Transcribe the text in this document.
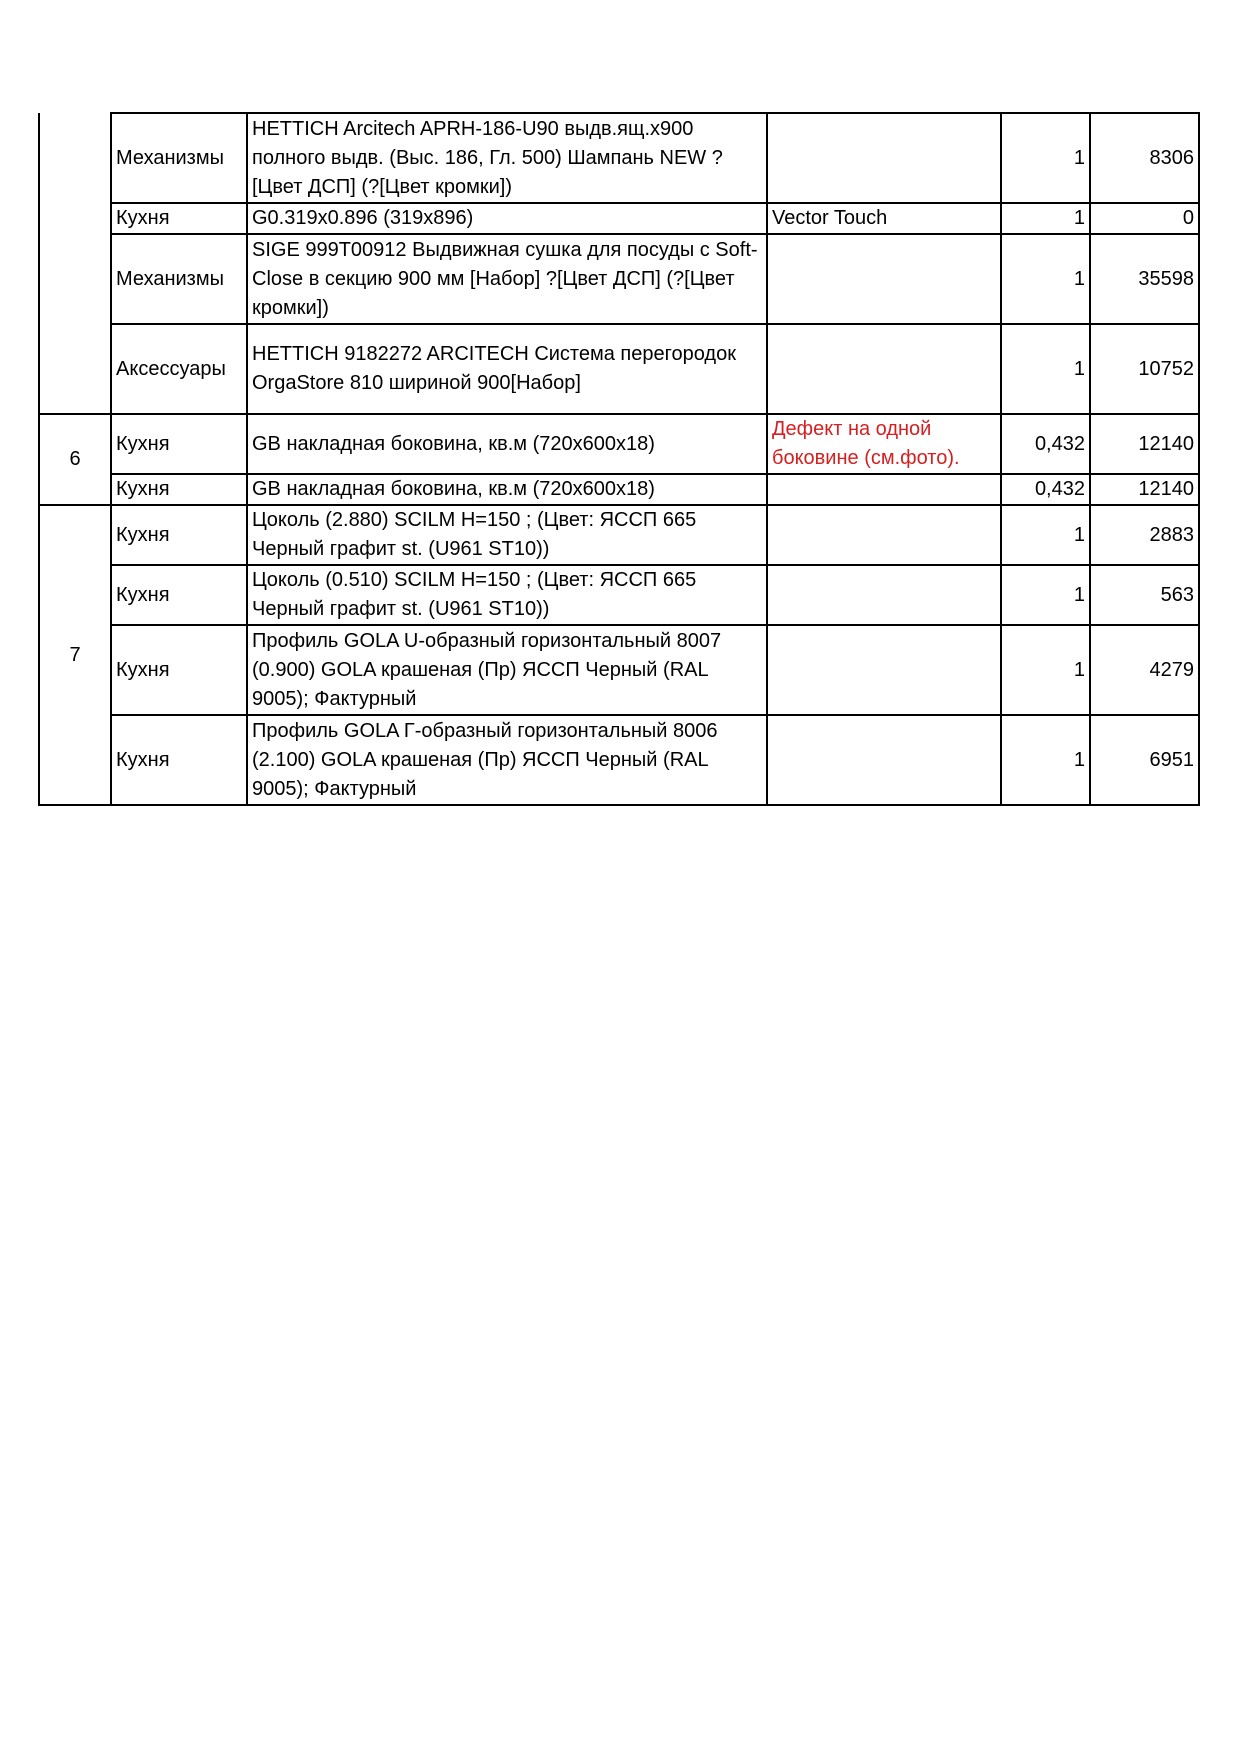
	Механизмы	HETTICH Arcitech APRH-186-U90 выдв.ящ.х900 полного выдв. (Выс. 186, Гл. 500) Шампань NEW ?[Цвет ДСП] (?[Цвет кромки])		1	8306
	Кухня	G0.319x0.896 (319x896)	Vector Touch	1	0
	Механизмы	SIGE 999T00912 Выдвижная сушка для посуды с Soft-Close в секцию 900 мм [Набор] ?[Цвет ДСП] (?[Цвет кромки])		1	35598
	Аксессуары	HETTICH 9182272 ARCITECH Система перегородок OrgaStore 810 шириной 900[Набор]		1	10752
6	Кухня	GB накладная боковина, кв.м (720x600x18)	Дефект на одной боковине (см.фото).	0,432	12140
	Кухня	GB накладная боковина, кв.м (720x600x18)		0,432	12140
7	Кухня	Цоколь (2.880) SCILM H=150 ; (Цвет: ЯССП 665 Черный графит st. (U961 ST10))		1	2883
	Кухня	Цоколь (0.510) SCILM H=150 ; (Цвет: ЯССП 665 Черный графит st. (U961 ST10))		1	563
	Кухня	Профиль GOLA U-образный горизонтальный 8007 (0.900) GOLA крашеная (Пр) ЯССП Черный (RAL 9005); Фактурный		1	4279
	Кухня	Профиль GOLA Г-образный горизонтальный 8006 (2.100) GOLA крашеная (Пр) ЯССП Черный (RAL 9005); Фактурный		1	6951
